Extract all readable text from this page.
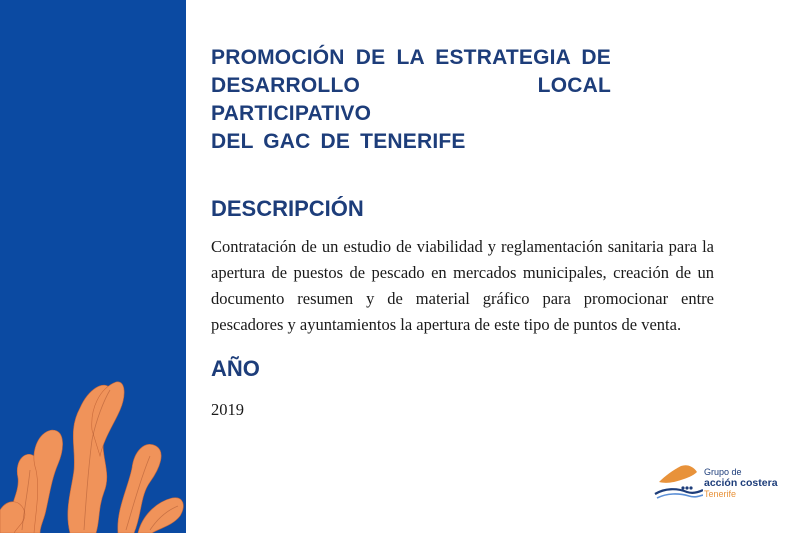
PROMOCIÓN DE LA ESTRATEGIA DE
DESARROLLO LOCAL PARTICIPATIVO
DEL GAC DE TENERIFE
DESCRIPCIÓN
Contratación de un estudio de viabilidad y reglamentación sanitaria para la apertura de puestos de pescado en mercados municipales, creación de un documento resumen y de material gráfico para promocionar entre pescadores y ayuntamientos la apertura de este tipo de puntos de venta.
AÑO
2019
Grupo de
acción costera
Tenerife
